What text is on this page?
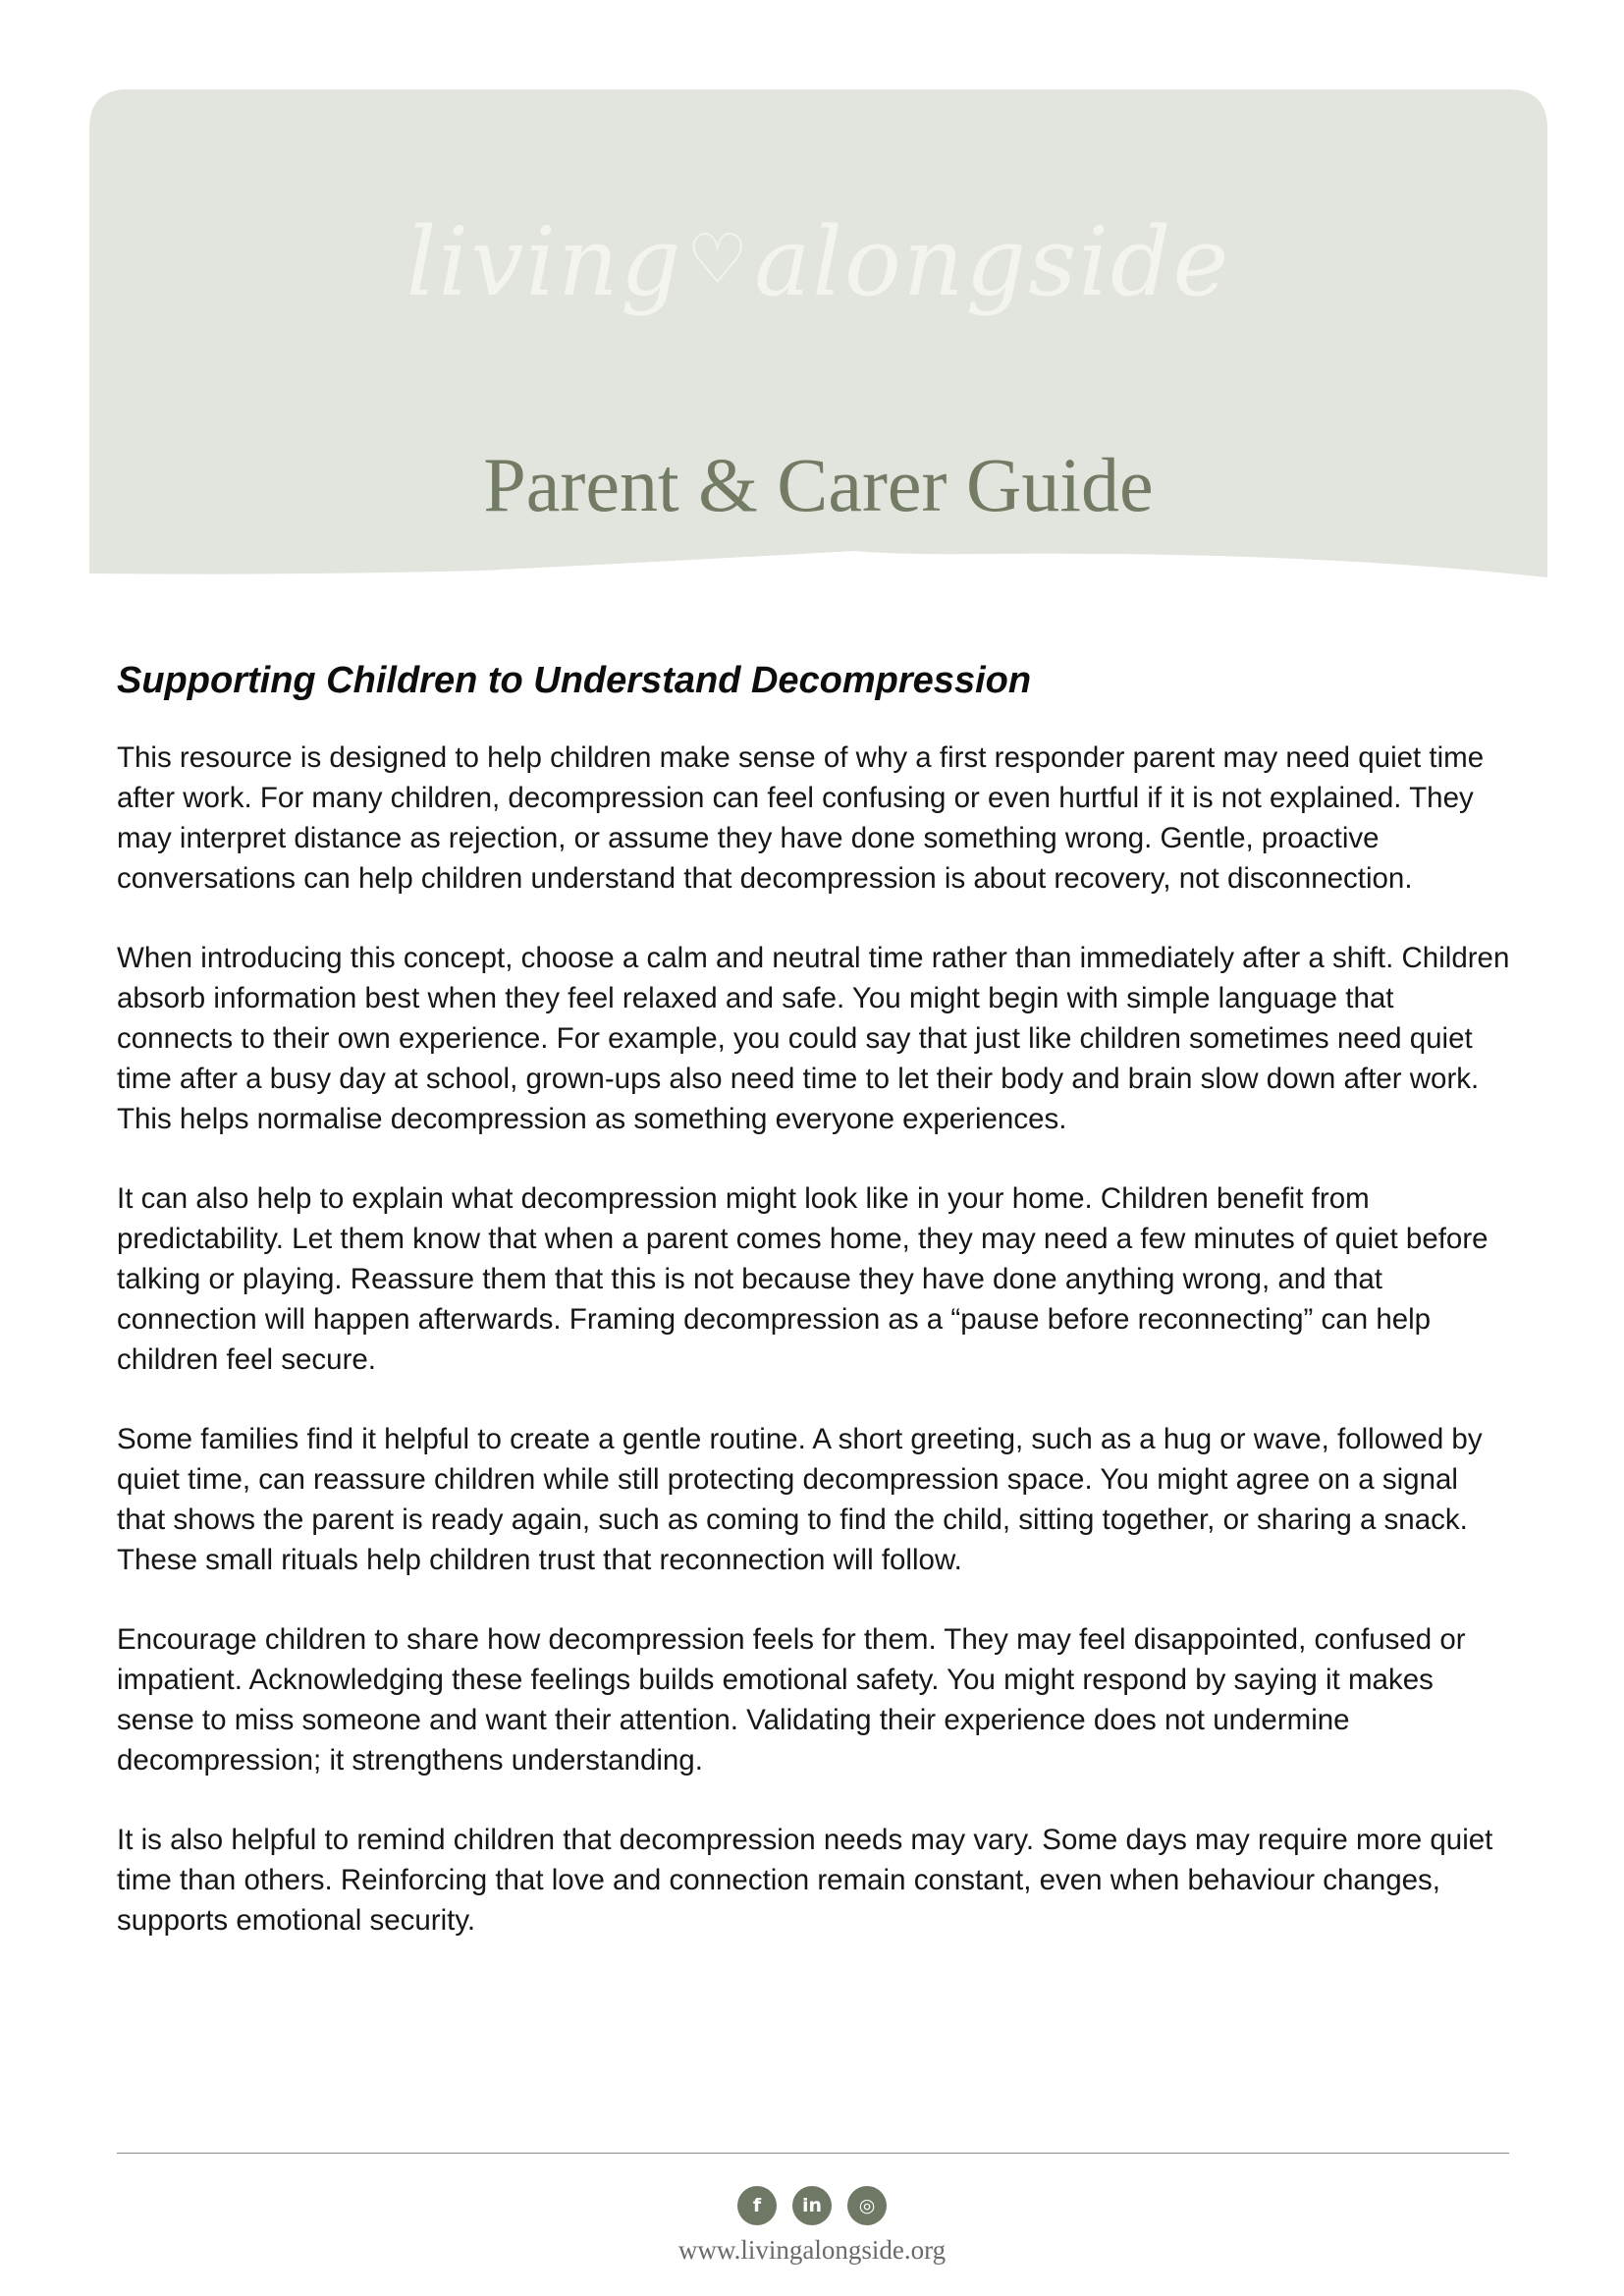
living♡alongside
Parent & Carer Guide
Supporting Children to Understand Decompression

This resource is designed to help children make sense of why a first responder parent may need quiet time after work. For many children, decompression can feel confusing or even hurtful if it is not explained. They may interpret distance as rejection, or assume they have done something wrong. Gentle, proactive conversations can help children understand that decompression is about recovery, not disconnection.

When introducing this concept, choose a calm and neutral time rather than immediately after a shift. Children absorb information best when they feel relaxed and safe. You might begin with simple language that connects to their own experience. For example, you could say that just like children sometimes need quiet time after a busy day at school, grown-ups also need time to let their body and brain slow down after work. This helps normalise decompression as something everyone experiences.

It can also help to explain what decompression might look like in your home. Children benefit from predictability. Let them know that when a parent comes home, they may need a few minutes of quiet before talking or playing. Reassure them that this is not because they have done anything wrong, and that connection will happen afterwards. Framing decompression as a “pause before reconnecting” can help children feel secure.

Some families find it helpful to create a gentle routine. A short greeting, such as a hug or wave, followed by quiet time, can reassure children while still protecting decompression space. You might agree on a signal that shows the parent is ready again, such as coming to find the child, sitting together, or sharing a snack. These small rituals help children trust that reconnection will follow.

Encourage children to share how decompression feels for them. They may feel disappointed, confused or impatient. Acknowledging these feelings builds emotional safety. You might respond by saying it makes sense to miss someone and want their attention. Validating their experience does not undermine decompression; it strengthens understanding.

It is also helpful to remind children that decompression needs may vary. Some days may require more quiet time than others. Reinforcing that love and connection remain constant, even when behaviour changes, supports emotional security.

f	in	◎
www.livingalongside.org
